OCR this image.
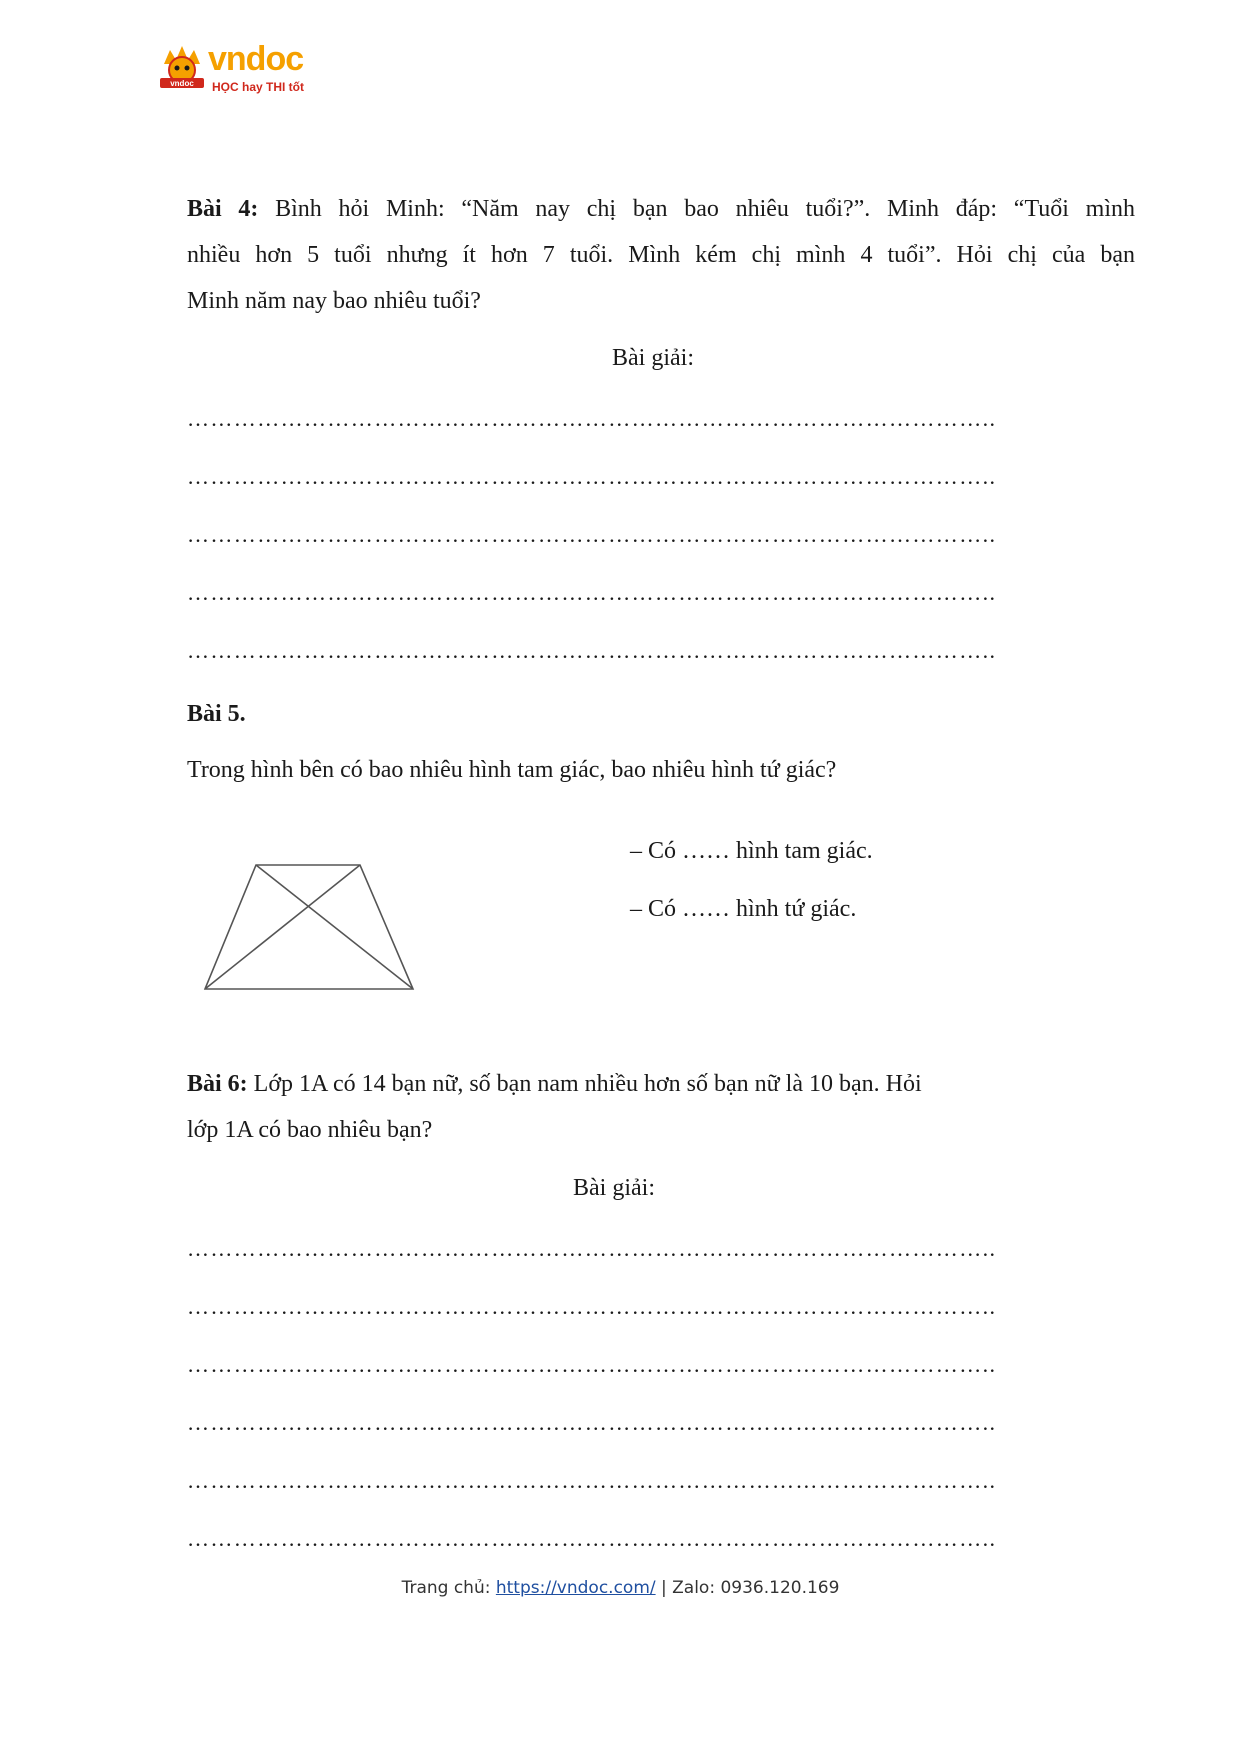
vndoc
vndoc
HỌC hay THI tốt
Bài 4: Bình hỏi Minh: “Năm nay chị bạn bao nhiêu tuổi?”. Minh đáp: “Tuổi mình
nhiều hơn 5 tuổi nhưng ít hơn 7 tuổi. Mình kém chị mình 4 tuổi”. Hỏi chị của bạn
Minh năm nay bao nhiêu tuổi?
Bài giải:
…………………………………………………………………………………………..
…………………………………………………………………………………………..
…………………………………………………………………………………………..
…………………………………………………………………………………………..
…………………………………………………………………………………………..
Bài 5.
Trong hình bên có bao nhiêu hình tam giác, bao nhiêu hình tứ giác?
– Có …… hình tam giác.
– Có …… hình tứ giác.
Bài 6: Lớp 1A có 14 bạn nữ, số bạn nam nhiều hơn số bạn nữ là 10 bạn. Hỏi
lớp 1A có bao nhiêu bạn?
Bài giải:
…………………………………………………………………………………………..
…………………………………………………………………………………………..
…………………………………………………………………………………………..
…………………………………………………………………………………………..
…………………………………………………………………………………………..
…………………………………………………………………………………………..
Trang chủ: https://vndoc.com/ | Zalo: 0936.120.169
